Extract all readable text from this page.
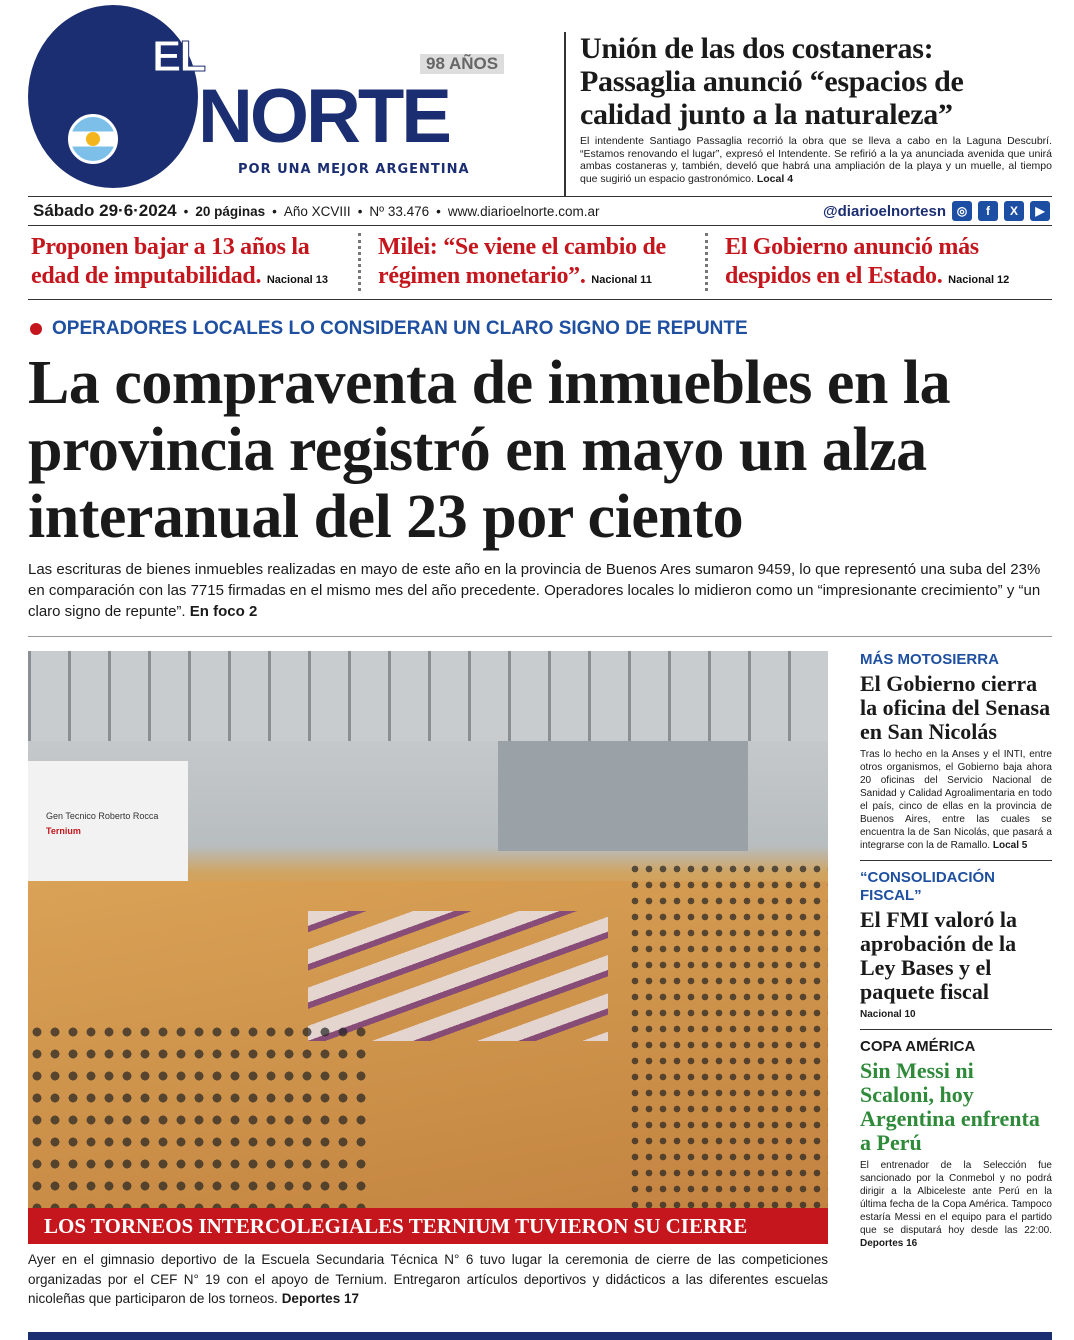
EL
NORTE
98 AÑOS
POR UNA MEJOR ARGENTINA
Unión de las dos costaneras: Passaglia anunció “espacios de calidad junto a la naturaleza”
El intendente Santiago Passaglia recorrió la obra que se lleva a cabo en la Laguna Descubrí. “Estamos renovando el lugar”, expresó el Intendente. Se refirió a la ya anunciada avenida que unirá ambas costaneras y, también, develó que habrá una ampliación de la playa y un muelle, al tiempo que sugirió un espacio gastronómico. Local 4
Sábado 29·6·2024 • 20 páginas • Año XCVIII • Nº 33.476 • www.diarioelnorte.com.ar	@diarioelnortesn ◎	f	X	▶
Proponen bajar a 13 años la edad de imputabilidad. Nacional 13
Milei: “Se viene el cambio de régimen monetario”. Nacional 11
El Gobierno anunció más despidos en el Estado. Nacional 12
OPERADORES LOCALES LO CONSIDERAN UN CLARO SIGNO DE REPUNTE
La compraventa de inmuebles en la provincia registró en mayo un alza interanual del 23 por ciento
Las escrituras de bienes inmuebles realizadas en mayo de este año en la provincia de Buenos Ares sumaron 9459, lo que representó una suba del 23% en comparación con las 7715 firmadas en el mismo mes del año precedente. Operadores locales lo midieron como un “impresionante crecimiento” y “un claro signo de repunte”. En foco 2
Gen Tecnico Roberto Rocca
Ternium
LOS TORNEOS INTERCOLEGIALES TERNIUM TUVIERON SU CIERRE
Ayer en el gimnasio deportivo de la Escuela Secundaria Técnica N° 6 tuvo lugar la ceremonia de cierre de las competiciones organizadas por el CEF N° 19 con el apoyo de Ternium. Entregaron artículos deportivos y didácticos a las diferentes escuelas nicoleñas que participaron de los torneos. Deportes 17
MÁS MOTOSIERRA
El Gobierno cierra la oficina del Senasa en San Nicolás
Tras lo hecho en la Anses y el INTI, entre otros organismos, el Gobierno baja ahora 20 oficinas del Servicio Nacional de Sanidad y Calidad Agroalimentaria en todo el país, cinco de ellas en la provincia de Buenos Aires, entre las cuales se encuentra la de San Nicolás, que pasará a integrarse con la de Ramallo. Local 5
“CONSOLIDACIÓN FISCAL”
El FMI valoró la aprobación de la Ley Bases y el paquete fiscal
Nacional 10
COPA AMÉRICA
Sin Messi ni Scaloni, hoy Argentina enfrenta a Perú
El entrenador de la Selección fue sancionado por la Conmebol y no podrá dirigir a la Albiceleste ante Perú en la última fecha de la Copa América. Tampoco estaría Messi en el equipo para el partido que se disputará hoy desde las 22:00. Deportes 16
